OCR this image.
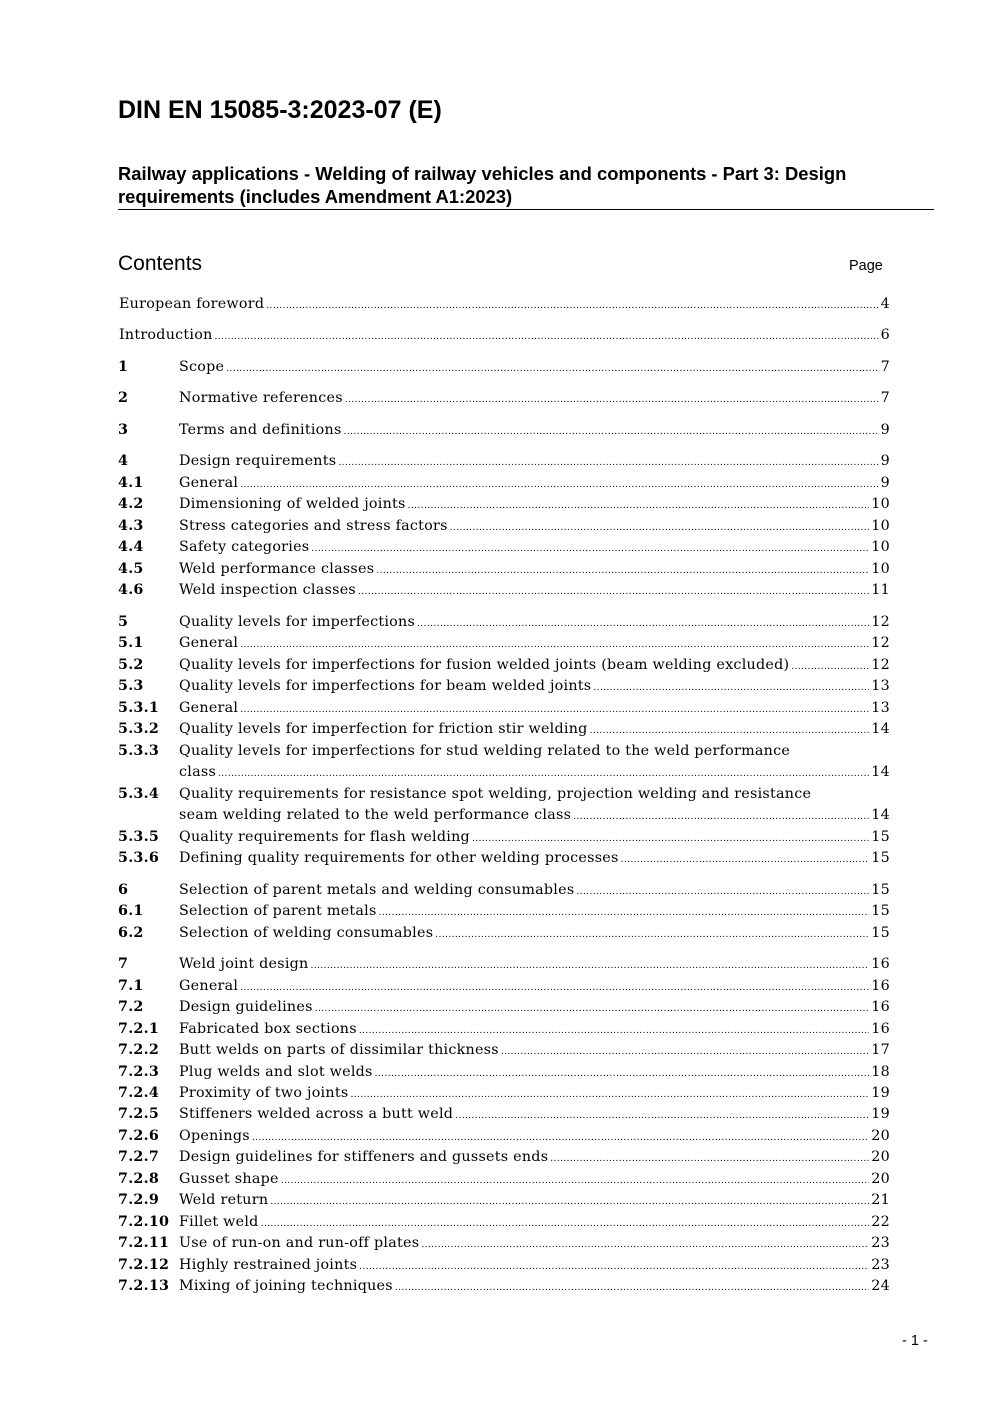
DIN EN 15085-3:2023-07 (E)
Railway applications - Welding of railway vehicles and components - Part 3: Design
requirements (includes Amendment A1:2023)
Contents	Page
European foreword .....	4
Introduction .....	6
1	Scope .....	7
2	Normative references .....	7
3	Terms and definitions .....	9
4	Design requirements .....	9
4.1 General .....	9
4.2 Dimensioning of welded joints .....	10
4.3 Stress categories and stress factors .....	10
4.4 Safety categories .....	10
4.5 Weld performance classes .....	10
4.6 Weld inspection classes .....	11
5	Quality levels for imperfections .....	12
5.1 General .....	12
5.2 Quality levels for imperfections for fusion welded joints (beam welding excluded) .....	12
5.3 Quality levels for imperfections for beam welded joints .....	13
5.3.1 General .....	13
5.3.2 Quality levels for imperfection for friction stir welding .....	14
5.3.3	Quality levels for imperfections for stud welding related to the weld performance
class .....	14
5.3.4	Quality requirements for resistance spot welding, projection welding and resistance
seam welding related to the weld performance class .....	14
5.3.5 Quality requirements for flash welding .....	15
5.3.6 Defining quality requirements for other welding processes .....	15
6	Selection of parent metals and welding consumables .....	15
6.1 Selection of parent metals .....	15
6.2 Selection of welding consumables .....	15
7	Weld joint design .....	16
7.1 General .....	16
7.2 Design guidelines .....	16
7.2.1 Fabricated box sections .....	16
7.2.2 Butt welds on parts of dissimilar thickness .....	17
7.2.3 Plug welds and slot welds .....	18
7.2.4 Proximity of two joints .....	19
7.2.5 Stiffeners welded across a butt weld .....	19
7.2.6 Openings .....	20
7.2.7 Design guidelines for stiffeners and gussets ends .....	20
7.2.8 Gusset shape .....	20
7.2.9 Weld return .....	21
7.2.10 Fillet weld .....	22
7.2.11 Use of run-on and run-off plates .....	23
7.2.12 Highly restrained joints .....	23
7.2.13 Mixing of joining techniques .....	24
- 1 -
